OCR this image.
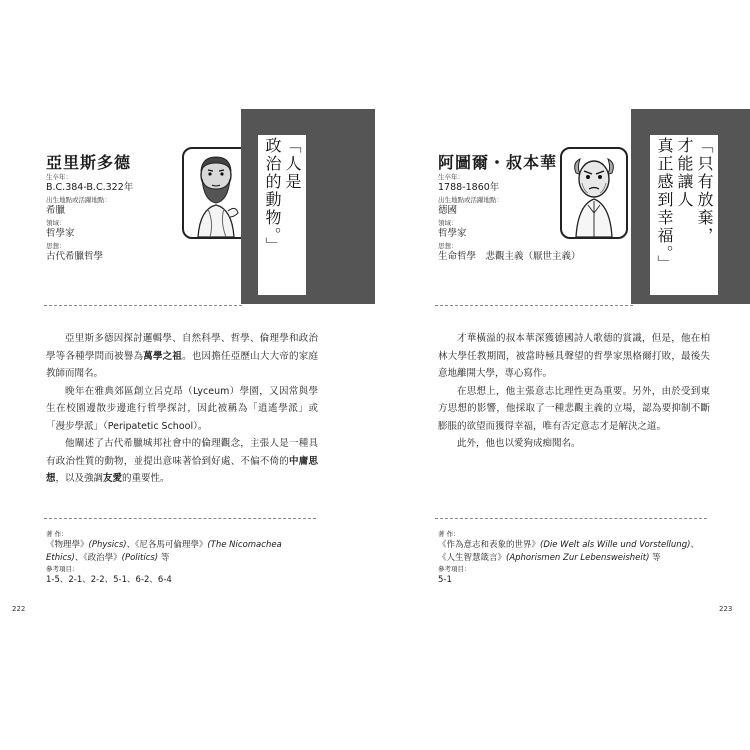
亞里斯多德
生卒年：
B.C.384-B.C.322年
出生地點或活躍地點：
希臘
領域：
哲學家
思想：
古代希臘哲學
「人是
政治的動物。」

亞里斯多德因探討邏輯學、自然科學、哲學、倫理學和政治學等各種學問而被譽為萬學之祖。也因擔任亞歷山大大帝的家庭教師而聞名。

晚年在雅典郊區創立呂克昂（Lyceum）學園，又因常與學生在校園邊散步邊進行哲學探討，因此被稱為「逍遙學派」或「漫步學派」（Peripatetic School）。

他闡述了古代希臘城邦社會中的倫理觀念，主張人是一種具有政治性質的動物，並提出意味著恰到好處、不偏不倚的中庸思想，以及強調友愛的重要性。

著 作：
《物理學》(Physics)、《尼各馬可倫理學》(The Nicomachea Ethics)、《政治學》(Politics) 等
參考項目：
1-5、2-1、2-2、5-1、6-2、6-4
222
阿圖爾・叔本華
生卒年：
1788-1860年
出生地點或活躍地點：
德國
領域：
哲學家
思想：
生命哲學　悲觀主義（厭世主義）
「只有放棄，
才能讓人
真正感到幸福。」

才華橫溢的叔本華深獲德國詩人歌德的賞識，但是，他在柏林大學任教期間，被當時極具聲望的哲學家黑格爾打敗，最後失意地離開大學，專心寫作。

在思想上，他主張意志比理性更為重要。另外，由於受到東方思想的影響，他採取了一種悲觀主義的立場，認為要抑制不斷膨脹的欲望而獲得幸福，唯有否定意志才是解決之道。

此外，他也以愛狗成痴聞名。

著 作：
《作為意志和表象的世界》(Die Welt als Wille und Vorstellung)、
《人生智慧箴言》(Aphorismen Zur Lebensweisheit) 等
參考項目：
5-1
223
